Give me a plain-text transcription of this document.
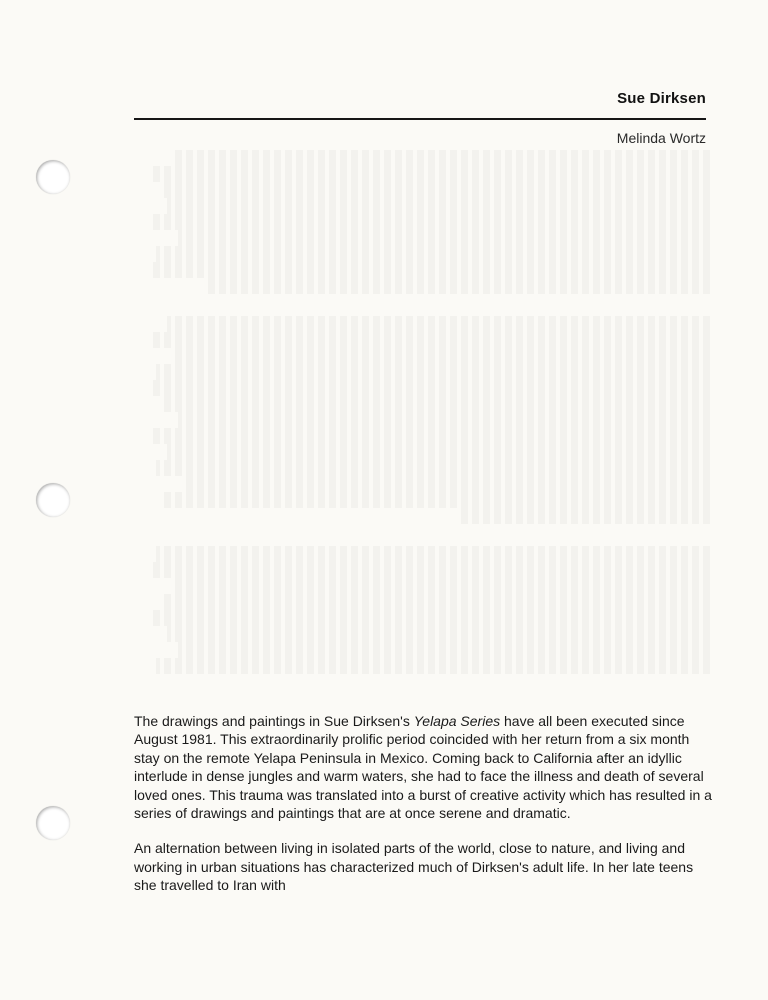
Sue Dirksen
Melinda Wortz

The drawings and paintings in Sue Dirksen's Yelapa Series have all been executed since August 1981. This extraordinarily prolific period coincided with her return from a six month stay on the remote Yelapa Peninsula in Mexico. Coming back to California after an idyllic interlude in dense jungles and warm waters, she had to face the illness and death of several loved ones. This trauma was translated into a burst of creative activity which has resulted in a series of drawings and paintings that are at once serene and dramatic.

An alternation between living in isolated parts of the world, close to nature, and living and working in urban situations has characterized much of Dirksen's adult life. In her late teens she travelled to Iran with
